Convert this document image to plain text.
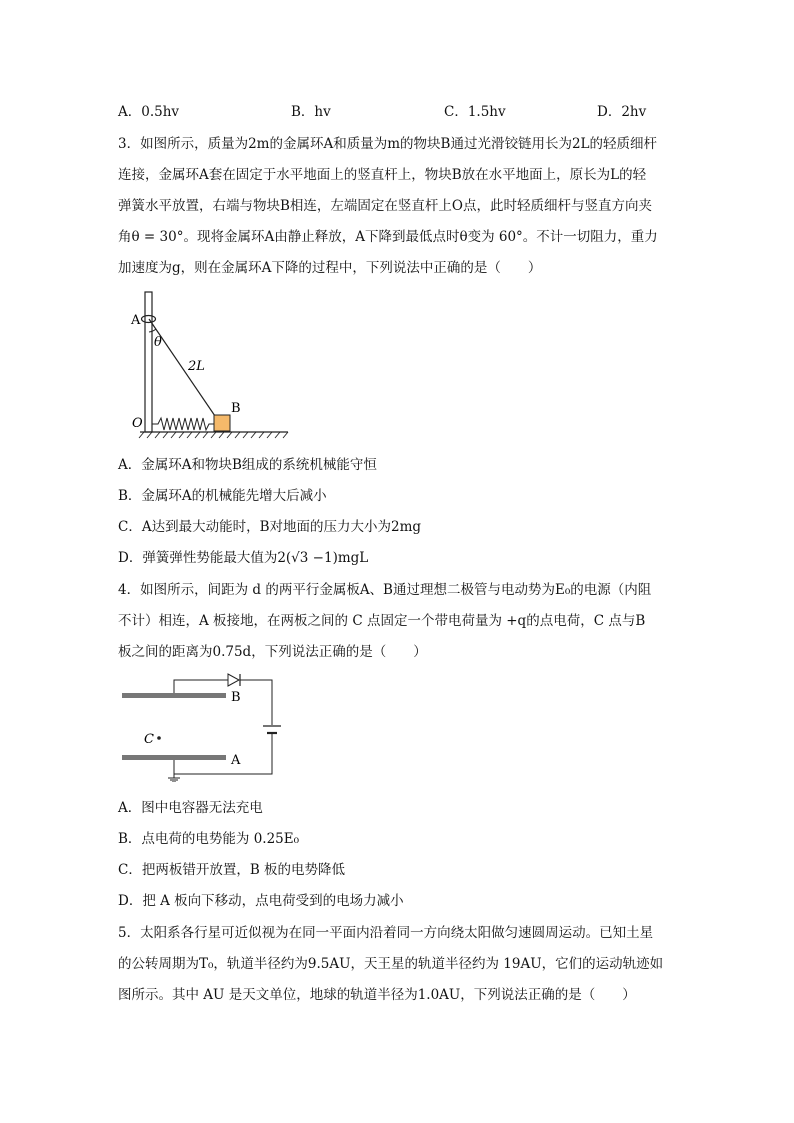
A．0.5hv	B．hv	C．1.5hv	D．2hv
3．如图所示，质量为2m的金属环A和质量为m的物块B通过光滑铰链用长为2L的轻质细杆
连接，金属环A套在固定于水平地面上的竖直杆上，物块B放在水平地面上，原长为L的轻
弹簧水平放置，右端与物块B相连，左端固定在竖直杆上O点，此时轻质细杆与竖直方向夹
角θ = 30°。现将金属环A由静止释放，A下降到最低点时θ变为 60°。不计一切阻力，重力
加速度为g，则在金属环A下降的过程中，下列说法中正确的是（　　）
A
θ
2L
B
O
A．金属环A和物块B组成的系统机械能守恒
B．金属环A的机械能先增大后减小
C．A达到最大动能时，B对地面的压力大小为2mg
D．弹簧弹性势能最大值为2(√3 −1)mgL
4．如图所示，间距为 d 的两平行金属板A、B通过理想二极管与电动势为E₀的电源（内阻
不计）相连，A 板接地，在两板之间的 C 点固定一个带电荷量为 +q的点电荷，C 点与B
板之间的距离为0.75d，下列说法正确的是（　　）
B
C
A
A．图中电容器无法充电
B．点电荷的电势能为 0.25E₀
C．把两板错开放置，B 板的电势降低
D．把 A 板向下移动，点电荷受到的电场力减小
5．太阳系各行星可近似视为在同一平面内沿着同一方向绕太阳做匀速圆周运动。已知土星
的公转周期为T₀，轨道半径约为9.5AU，天王星的轨道半径约为 19AU，它们的运动轨迹如
图所示。其中 AU 是天文单位，地球的轨道半径为1.0AU，下列说法正确的是（　　）
